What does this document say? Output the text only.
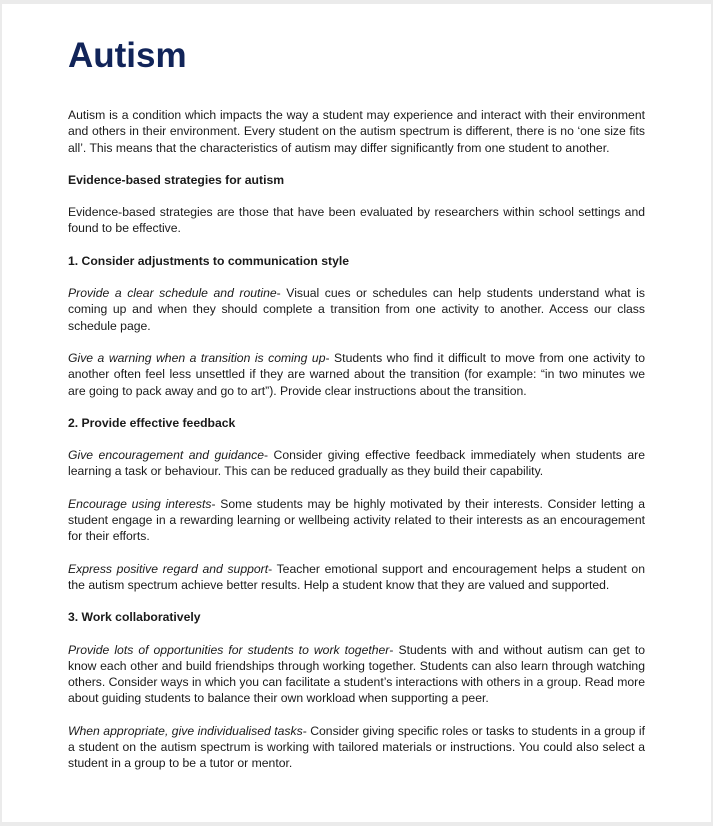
Autism

Autism is a condition which impacts the way a student may experience and interact with their environment and others in their environment. Every student on the autism spectrum is different, there is no ‘one size fits all’. This means that the characteristics of autism may differ significantly from one student to another.

Evidence-based strategies for autism

Evidence-based strategies are those that have been evaluated by researchers within school settings and found to be effective.

1. Consider adjustments to communication style

Provide a clear schedule and routine- Visual cues or schedules can help students understand what is coming up and when they should complete a transition from one activity to another. Access our class schedule page.

Give a warning when a transition is coming up- Students who find it difficult to move from one activity to another often feel less unsettled if they are warned about the transition (for example: “in two minutes we are going to pack away and go to art”). Provide clear instructions about the transition.

2. Provide effective feedback

Give encouragement and guidance- Consider giving effective feedback immediately when students are learning a task or behaviour. This can be reduced gradually as they build their capability.

Encourage using interests- Some students may be highly motivated by their interests. Consider letting a student engage in a rewarding learning or wellbeing activity related to their interests as an encouragement for their efforts.

Express positive regard and support- Teacher emotional support and encouragement helps a student on the autism spectrum achieve better results. Help a student know that they are valued and supported.

3. Work collaboratively

Provide lots of opportunities for students to work together- Students with and without autism can get to know each other and build friendships through working together. Students can also learn through watching others. Consider ways in which you can facilitate a student’s interactions with others in a group. Read more about guiding students to balance their own workload when supporting a peer.

When appropriate, give individualised tasks- Consider giving specific roles or tasks to students in a group if a student on the autism spectrum is working with tailored materials or instructions. You could also select a student in a group to be a tutor or mentor.
